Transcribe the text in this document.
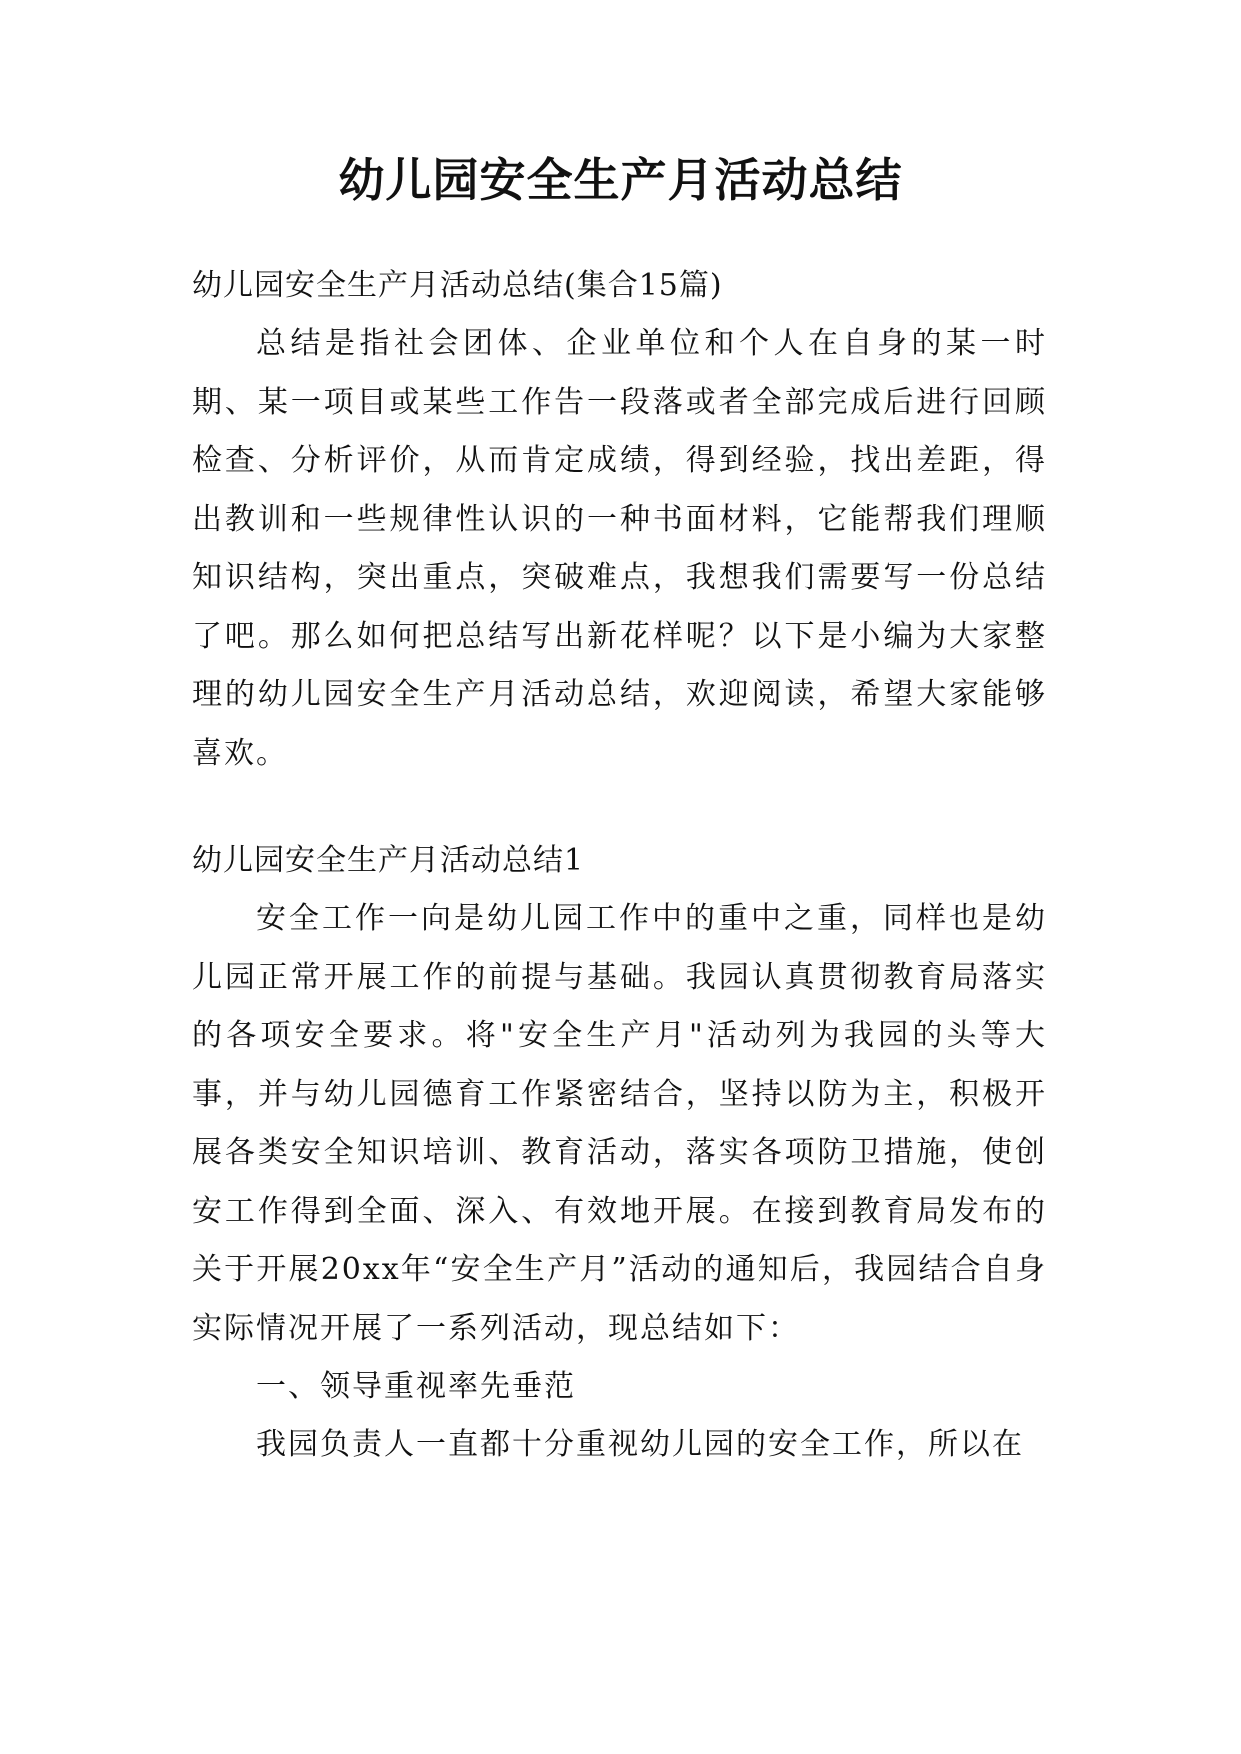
幼儿园安全生产月活动总结

幼儿园安全生产月活动总结(集合15篇)

总结是指社会团体、企业单位和个人在自身的某一时期、某一项目或某些工作告一段落或者全部完成后进行回顾检查、分析评价，从而肯定成绩，得到经验，找出差距，得出教训和一些规律性认识的一种书面材料，它能帮我们理顺知识结构，突出重点，突破难点，我想我们需要写一份总结了吧。那么如何把总结写出新花样呢？以下是小编为大家整理的幼儿园安全生产月活动总结，欢迎阅读，希望大家能够喜欢。

幼儿园安全生产月活动总结1

安全工作一向是幼儿园工作中的重中之重，同样也是幼儿园正常开展工作的前提与基础。我园认真贯彻教育局落实的各项安全要求。将"安全生产月"活动列为我园的头等大事，并与幼儿园德育工作紧密结合，坚持以防为主，积极开展各类安全知识培训、教育活动，落实各项防卫措施，使创安工作得到全面、深入、有效地开展。在接到教育局发布的关于开展20xx年“安全生产月”活动的通知后，我园结合自身实际情况开展了一系列活动，现总结如下：

一、领导重视率先垂范

我园负责人一直都十分重视幼儿园的安全工作，所以在
